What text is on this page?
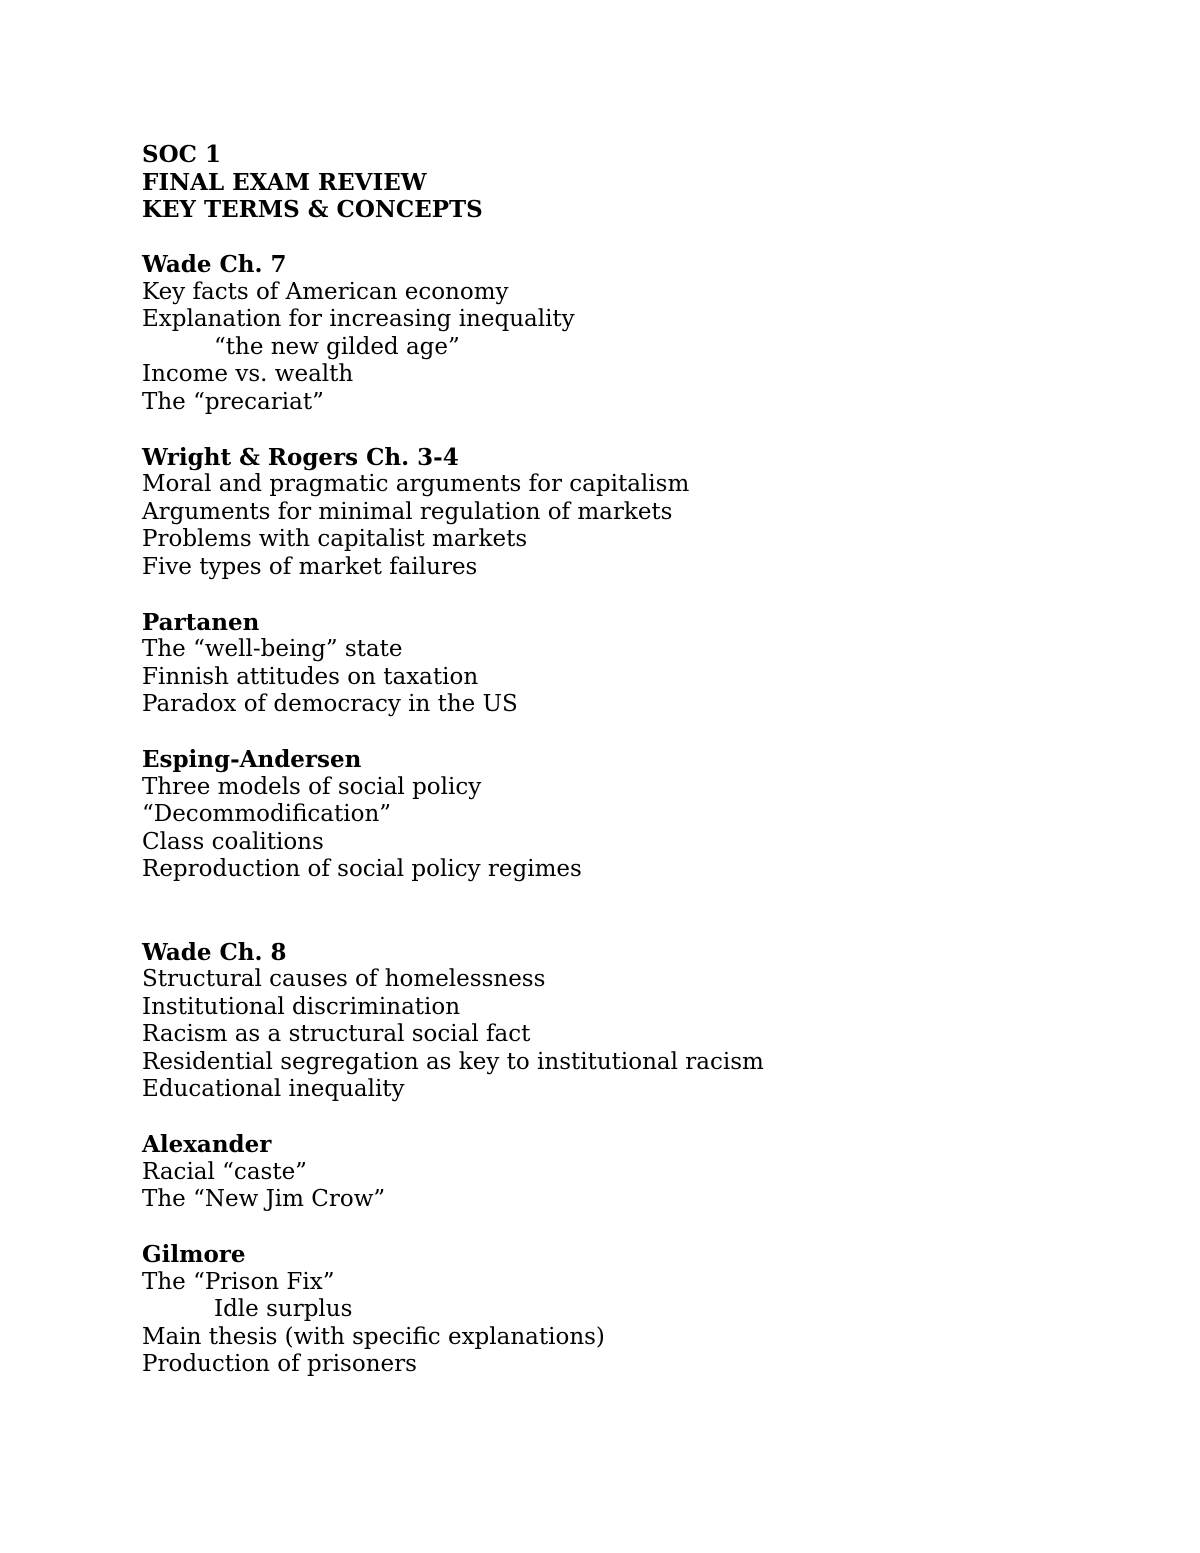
SOC 1
FINAL EXAM REVIEW
KEY TERMS & CONCEPTS
Wade Ch. 7
Key facts of American economy
Explanation for increasing inequality
“the new gilded age”
Income vs. wealth
The “precariat”
Wright & Rogers Ch. 3-4
Moral and pragmatic arguments for capitalism
Arguments for minimal regulation of markets
Problems with capitalist markets
Five types of market failures
Partanen
The “well-being” state
Finnish attitudes on taxation
Paradox of democracy in the US
Esping-Andersen
Three models of social policy
“Decommodification”
Class coalitions
Reproduction of social policy regimes
Wade Ch. 8
Structural causes of homelessness
Institutional discrimination
Racism as a structural social fact
Residential segregation as key to institutional racism
Educational inequality
Alexander
Racial “caste”
The “New Jim Crow”
Gilmore
The “Prison Fix”
Idle surplus
Main thesis (with specific explanations)
Production of prisoners
